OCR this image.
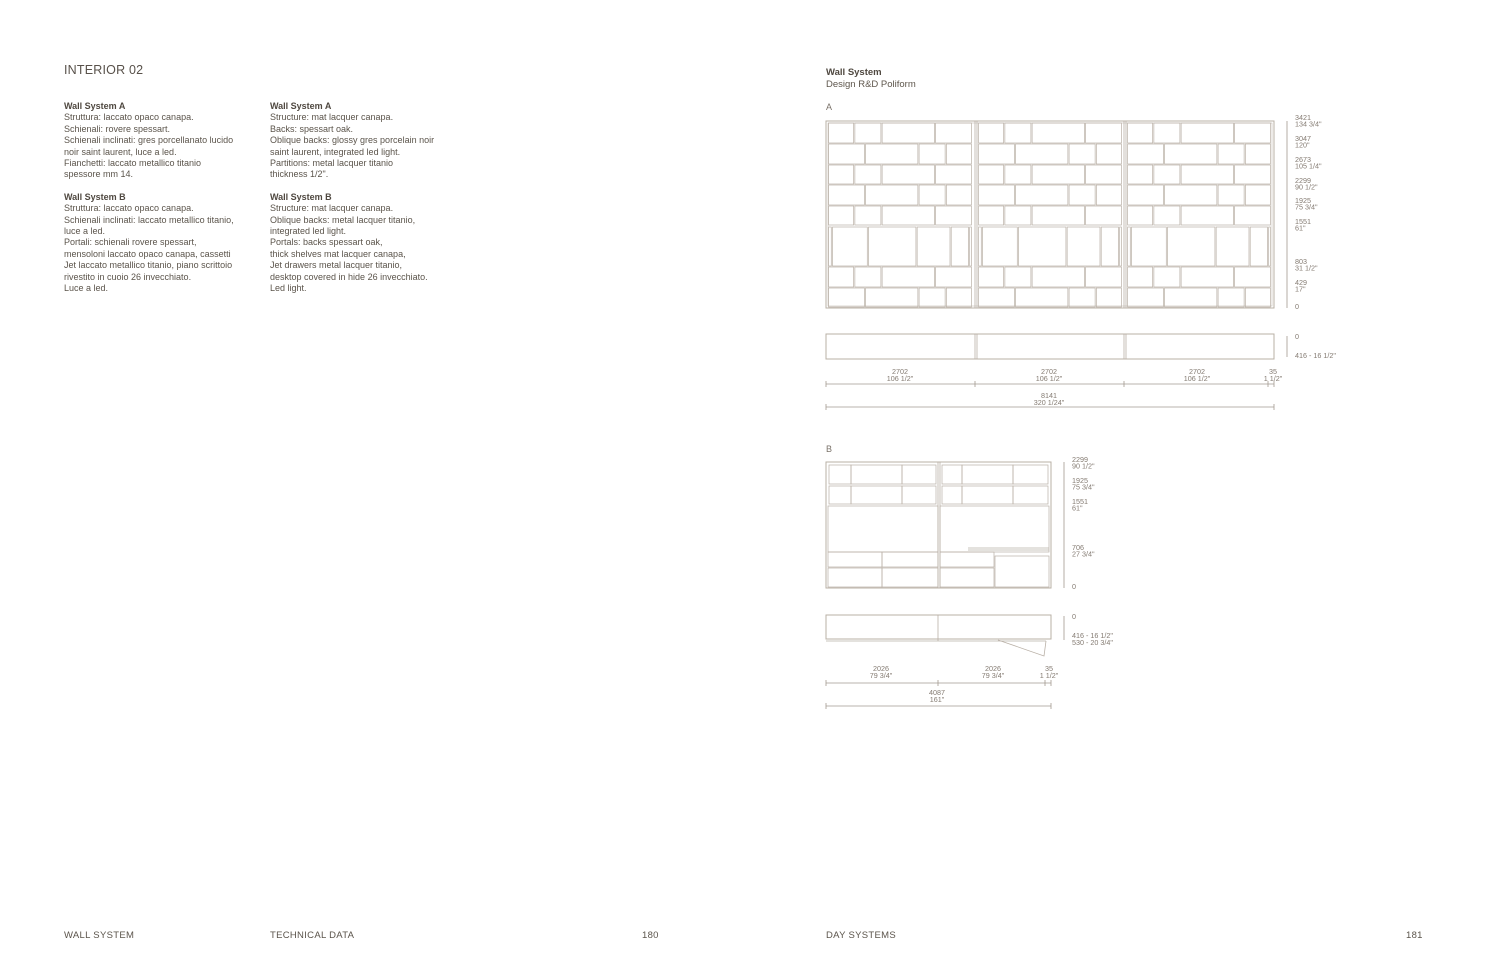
INTERIOR 02
Wall System A
Struttura: laccato opaco canapa.
Schienali: rovere spessart.
Schienali inclinati: gres porcellanato lucido
noir saint laurent, luce a led.
Fianchetti: laccato metallico titanio
spessore mm 14.
Wall System B
Struttura: laccato opaco canapa.
Schienali inclinati: laccato metallico titanio,
luce a led.
Portali: schienali rovere spessart,
mensoloni laccato opaco canapa, cassetti
Jet laccato metallico titanio, piano scrittoio
rivestito in cuoio 26 invecchiato.
Luce a led.
Wall System A
Structure: mat lacquer canapa.
Backs: spessart oak.
Oblique backs: glossy gres porcelain noir
saint laurent, integrated led light.
Partitions: metal lacquer titanio
thickness 1/2".
Wall System B
Structure: mat lacquer canapa.
Oblique backs: metal lacquer titanio,
integrated led light.
Portals: backs spessart oak,
thick shelves mat lacquer canapa,
Jet drawers metal lacquer titanio,
desktop covered in hide 26 invecchiato.
Led light.
WALL SYSTEM	TECHNICAL DATA	180
Wall System
Design R&D Poliform
A
B
3421
134 3/4"
3047
120"
2673
105 1/4"
2299
90 1/2"
1925
75 3/4"
1551
61"
803
31 1/2"
429
17"
0
0
416 - 16 1/2"
2702
106 1/2"
2702
106 1/2"
2702
106 1/2"
35
1 1/2"
8141
320 1/24"
2299
90 1/2"
1925
75 3/4"
1551
61"
706
27 3/4"
0
0
416 - 16 1/2"
530 - 20 3/4"
2026
79 3/4"
2026
79 3/4"
35
1 1/2"
4087
161"
DAY SYSTEMS	181
